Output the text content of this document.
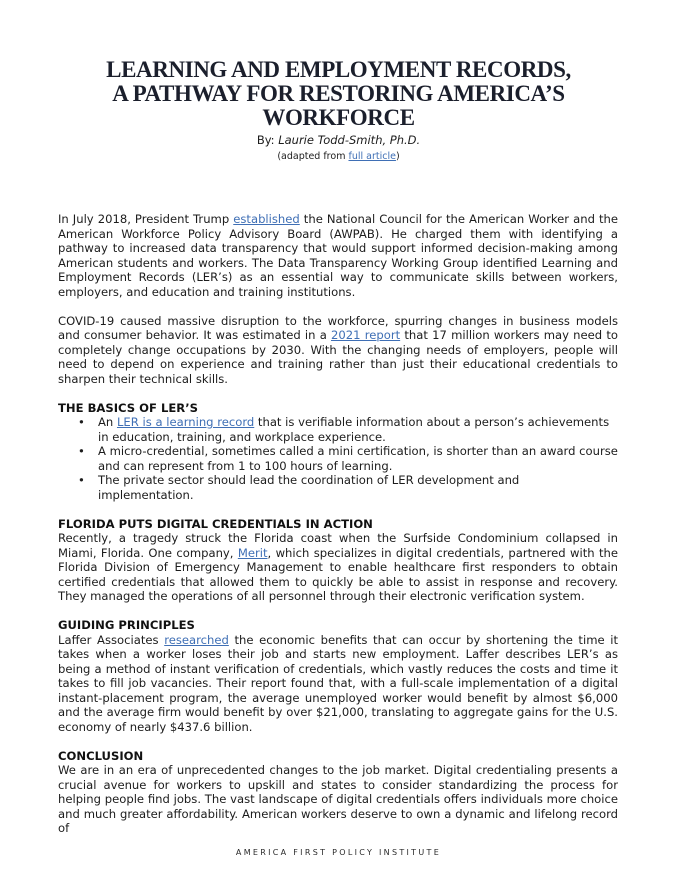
LEARNING AND EMPLOYMENT RECORDS,
A PATHWAY FOR RESTORING AMERICA’S
WORKFORCE
By: Laurie Todd-Smith, Ph.D.
(adapted from full article)

In July 2018, President Trump established the National Council for the American Worker and the American Workforce Policy Advisory Board (AWPAB). He charged them with identifying a pathway to increased data transparency that would support informed decision-making among American students and workers. The Data Transparency Working Group identified Learning and Employment Records (LER’s) as an essential way to communicate skills between workers, employers, and education and training institutions.

COVID-19 caused massive disruption to the workforce, spurring changes in business models and consumer behavior. It was estimated in a 2021 report that 17 million workers may need to completely change occupations by 2030. With the changing needs of employers, people will need to depend on experience and training rather than just their educational credentials to sharpen their technical skills.

THE BASICS OF LER’S
• An LER is a learning record that is verifiable information about a person’s achievements in education, training, and workplace experience.
• A micro-credential, sometimes called a mini certification, is shorter than an award course and can represent from 1 to 100 hours of learning.
• The private sector should lead the coordination of LER development and implementation.
FLORIDA PUTS DIGITAL CREDENTIALS IN ACTION

Recently, a tragedy struck the Florida coast when the Surfside Condominium collapsed in Miami, Florida. One company, Merit, which specializes in digital credentials, partnered with the Florida Division of Emergency Management to enable healthcare first responders to obtain certified credentials that allowed them to quickly be able to assist in response and recovery. They managed the operations of all personnel through their electronic verification system.

GUIDING PRINCIPLES

Laffer Associates researched the economic benefits that can occur by shortening the time it takes when a worker loses their job and starts new employment. Laffer describes LER’s as being a method of instant verification of credentials, which vastly reduces the costs and time it takes to fill job vacancies. Their report found that, with a full-scale implementation of a digital instant-placement program, the average unemployed worker would benefit by almost $6,000 and the average firm would benefit by over $21,000, translating to aggregate gains for the U.S. economy of nearly $437.6 billion.

CONCLUSION

We are in an era of unprecedented changes to the job market. Digital credentialing presents a crucial avenue for workers to upskill and states to consider standardizing the process for helping people find jobs. The vast landscape of digital credentials offers individuals more choice and much greater affordability. American workers deserve to own a dynamic and lifelong record of

AMERICA FIRST POLICY INSTITUTE
